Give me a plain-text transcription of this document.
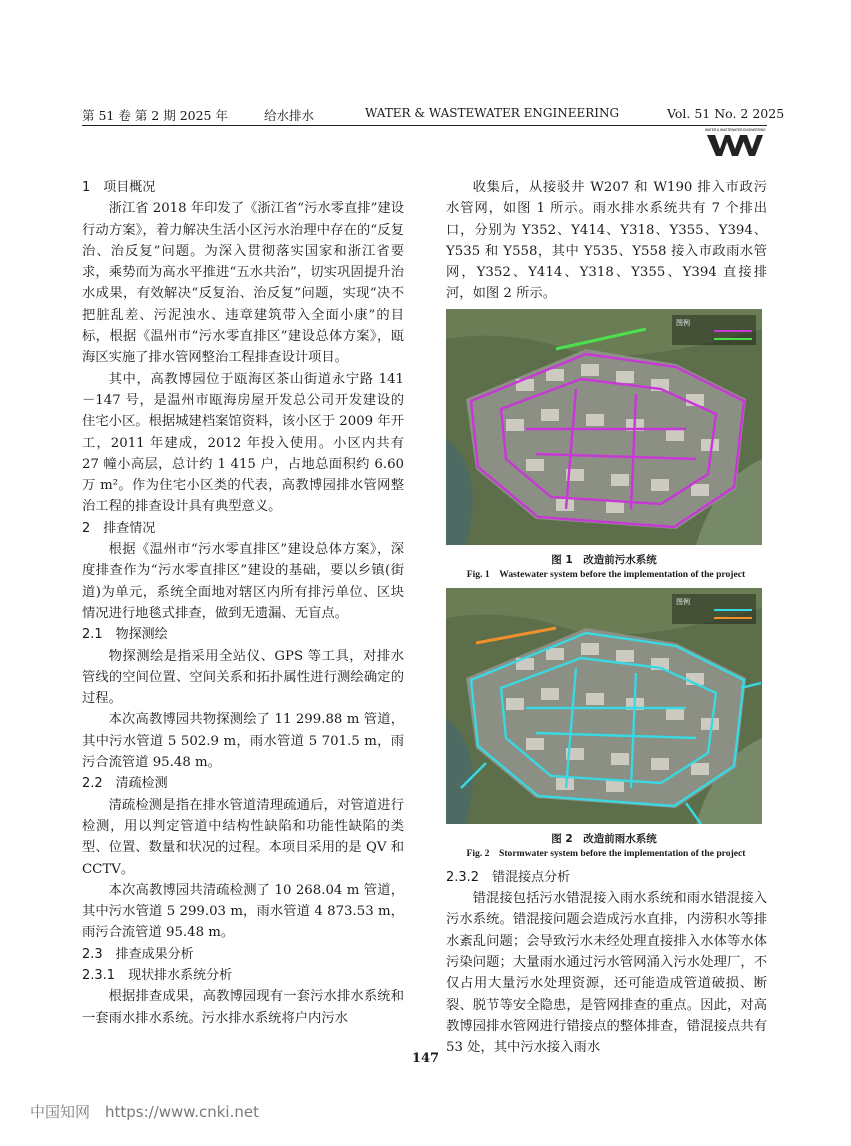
第 51 卷 第 2 期 2025 年	给水排水	WATER & WASTEWATER ENGINEERING	Vol. 51 No. 2 2025
WATER & WASTEWATER ENGINEERING

1　项目概况

浙江省 2018 年印发了《浙江省“污水零直排”建设行动方案》，着力解决生活小区污水治理中存在的“反复治、治反复”问题。为深入贯彻落实国家和浙江省要求，乘势而为高水平推进“五水共治”，切实巩固提升治水成果，有效解决“反复治、治反复”问题，实现“决不把脏乱差、污泥浊水、违章建筑带入全面小康”的目标，根据《温州市“污水零直排区”建设总体方案》，瓯海区实施了排水管网整治工程排查设计项目。

其中，高教博园位于瓯海区茶山街道永宁路 141－147 号，是温州市瓯海房屋开发总公司开发建设的住宅小区。根据城建档案馆资料，该小区于 2009 年开工，2011 年建成，2012 年投入使用。小区内共有 27 幢小高层，总计约 1 415 户，占地总面积约 6.60 万 m²。作为住宅小区类的代表，高教博园排水管网整治工程的排查设计具有典型意义。

2　排查情况

根据《温州市“污水零直排区”建设总体方案》，深度排查作为“污水零直排区”建设的基础，要以乡镇(街道)为单元，系统全面地对辖区内所有排污单位、区块情况进行地毯式排查，做到无遗漏、无盲点。

2.1　物探测绘

物探测绘是指采用全站仪、GPS 等工具，对排水管线的空间位置、空间关系和拓扑属性进行测绘确定的过程。

本次高教博园共物探测绘了 11 299.88 m 管道，其中污水管道 5 502.9 m，雨水管道 5 701.5 m，雨污合流管道 95.48 m。

2.2　清疏检测

清疏检测是指在排水管道清理疏通后，对管道进行检测，用以判定管道中结构性缺陷和功能性缺陷的类型、位置、数量和状况的过程。本项目采用的是 QV 和 CCTV。

本次高教博园共清疏检测了 10 268.04 m 管道，其中污水管道 5 299.03 m，雨水管道 4 873.53 m，雨污合流管道 95.48 m。

2.3　排查成果分析

2.3.1　现状排水系统分析

根据排查成果，高教博园现有一套污水排水系统和一套雨水排水系统。污水排水系统将户内污水

收集后，从接驳井 W207 和 W190 排入市政污水管网，如图 1 所示。雨水排水系统共有 7 个排出口，分别为 Y352、Y414、Y318、Y355、Y394、Y535 和 Y558，其中 Y535、Y558 接入市政雨水管网，Y352、Y414、Y318、Y355、Y394 直接排河，如图 2 所示。

图例
图 1　改造前污水系统
Fig. 1　Wastewater system before the implementation of the project
图例
图 2　改造前雨水系统
Fig. 2　Stormwater system before the implementation of the project

2.3.2　错混接点分析

错混接包括污水错混接入雨水系统和雨水错混接入污水系统。错混接问题会造成污水直排，内涝积水等排水紊乱问题；会导致污水未经处理直接排入水体等水体污染问题；大量雨水通过污水管网涌入污水处理厂，不仅占用大量污水处理资源，还可能造成管道破损、断裂、脱节等安全隐患，是管网排查的重点。因此，对高教博园排水管网进行错接点的整体排查，错混接点共有 53 处，其中污水接入雨水

147
中国知网　https://www.cnki.net
